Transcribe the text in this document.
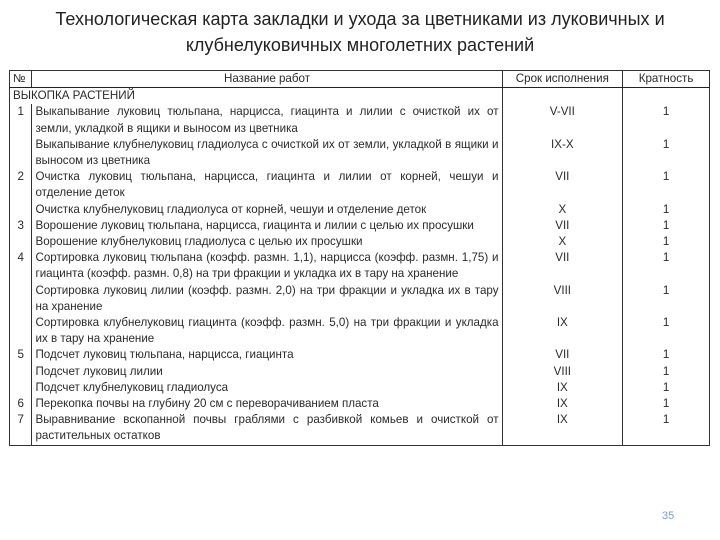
Технологическая карта закладки и ухода за цветниками из луковичных и
клубнелуковичных многолетних растений
№	Название работ	Срок исполнения	Кратность
ВЫКОПКА РАСТЕНИЙ			
1	Выкапывание луковиц тюльпана, нарцисса, гиацинта и лилии с очисткой их от земли, укладкой в ящики и выносом из цветника	V-VII	1
	Выкапывание клубнелуковиц гладиолуса с очисткой их от земли, укладкой в ящики и выносом из цветника	IX-X	1
2	Очистка луковиц тюльпана, нарцисса, гиацинта и лилии от корней, чешуи и отделение деток	VII	1
	Очистка клубнелуковиц гладиолуса от корней, чешуи и отделение деток	X	1
3	Ворошение луковиц тюльпана, нарцисса, гиацинта и лилии с целью их просушки	VII	1
	Ворошение клубнелуковиц гладиолуса с целью их просушки	X	1
4	Сортировка луковиц тюльпана (коэфф. размн. 1,1), нарцисса (коэфф. размн. 1,75) и гиацинта (коэфф. размн. 0,8) на три фракции и укладка их в тару на хранение	VII	1
	Сортировка луковиц лилии (коэфф. размн. 2,0) на три фракции и укладка их в тару на хранение	VIII	1
	Сортировка клубнелуковиц гиацинта (коэфф. размн. 5,0) на три фракции и укладка их в тару на хранение	IX	1
5	Подсчет луковиц тюльпана, нарцисса, гиацинта	VII	1
	Подсчет луковиц лилии	VIII	1
	Подсчет клубнелуковиц гладиолуса	IX	1
6	Перекопка почвы на глубину 20 см с переворачиванием пласта	IX	1
7	Выравнивание вскопанной почвы граблями с разбивкой комьев и очисткой от растительных остатков	IX	1
35
